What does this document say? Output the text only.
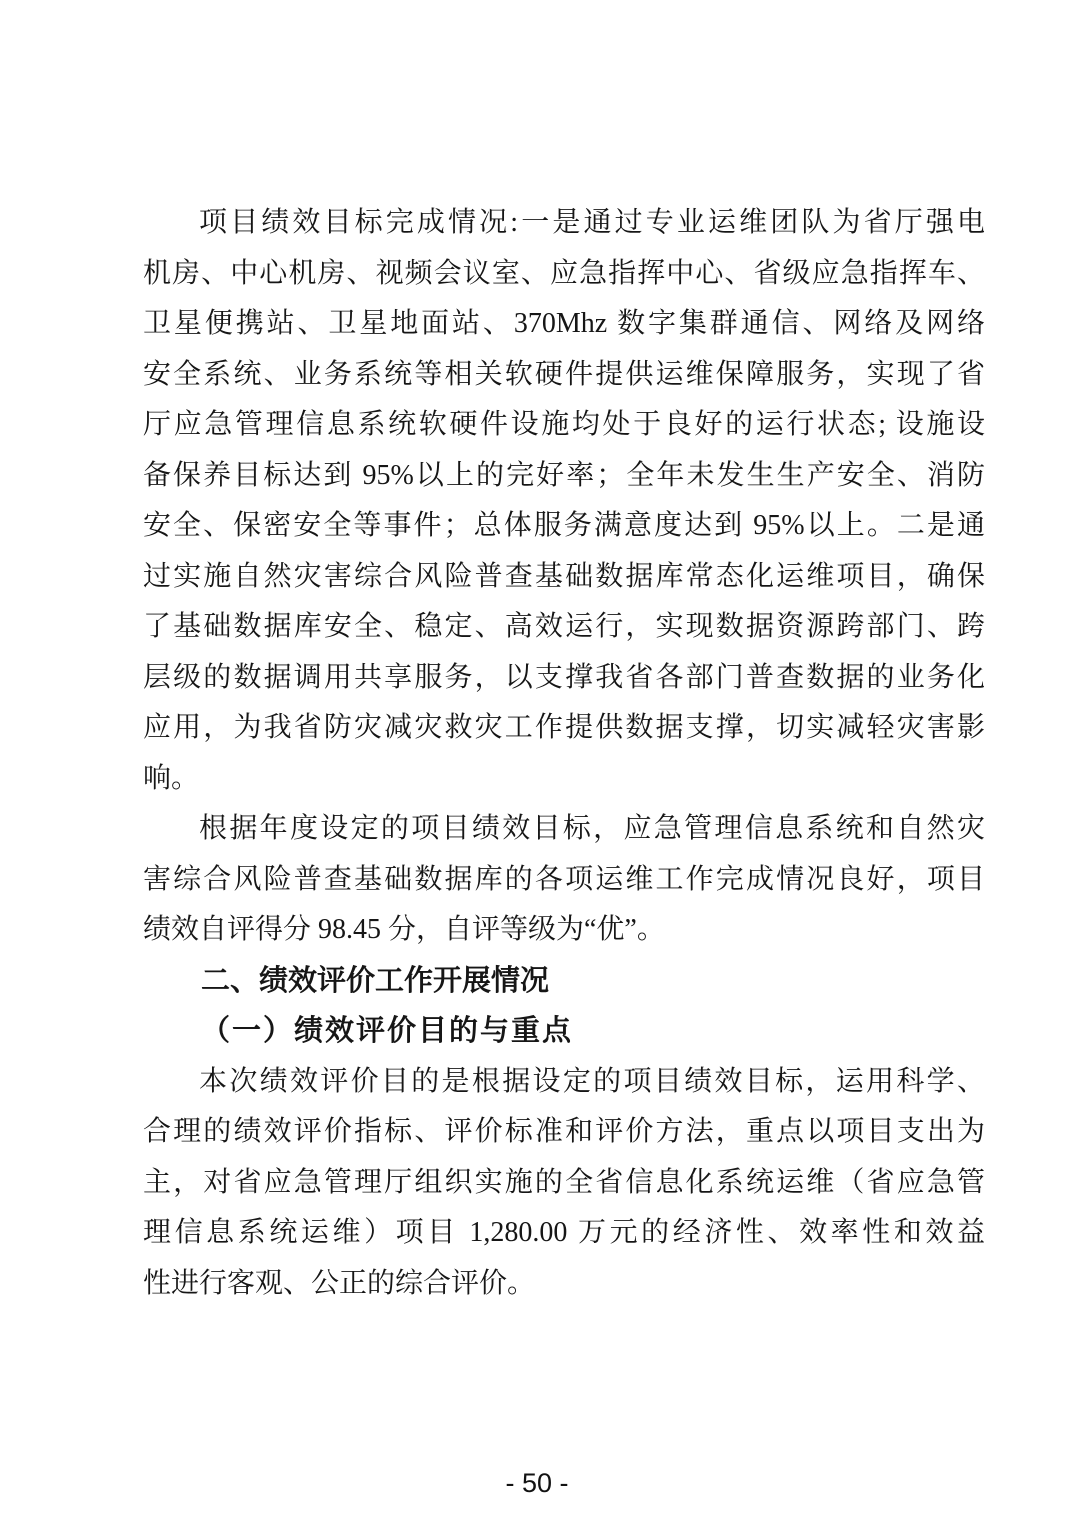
项目绩效目标完成情况:一是通过专业运维团队为省厅强电
机房、中心机房、视频会议室、应急指挥中心、省级应急指挥车、
卫星便携站、卫星地面站、370Mhz 数字集群通信、网络及网络
安全系统、业务系统等相关软硬件提供运维保障服务，实现了省
厅应急管理信息系统软硬件设施均处于良好的运行状态; 设施设
备保养目标达到 95%以上的完好率；全年未发生生产安全、消防
安全、保密安全等事件；总体服务满意度达到 95%以上。二是通
过实施自然灾害综合风险普查基础数据库常态化运维项目，确保
了基础数据库安全、稳定、高效运行，实现数据资源跨部门、跨
层级的数据调用共享服务，以支撑我省各部门普查数据的业务化
应用，为我省防灾减灾救灾工作提供数据支撑，切实减轻灾害影
响。
根据年度设定的项目绩效目标，应急管理信息系统和自然灾
害综合风险普查基础数据库的各项运维工作完成情况良好，项目
绩效自评得分 98.45 分，自评等级为“优”。
二、绩效评价工作开展情况
（一）绩效评价目的与重点
本次绩效评价目的是根据设定的项目绩效目标，运用科学、
合理的绩效评价指标、评价标准和评价方法，重点以项目支出为
主，对省应急管理厅组织实施的全省信息化系统运维（省应急管
理信息系统运维）项目 1,280.00 万元的经济性、效率性和效益
性进行客观、公正的综合评价。
- 50 -
